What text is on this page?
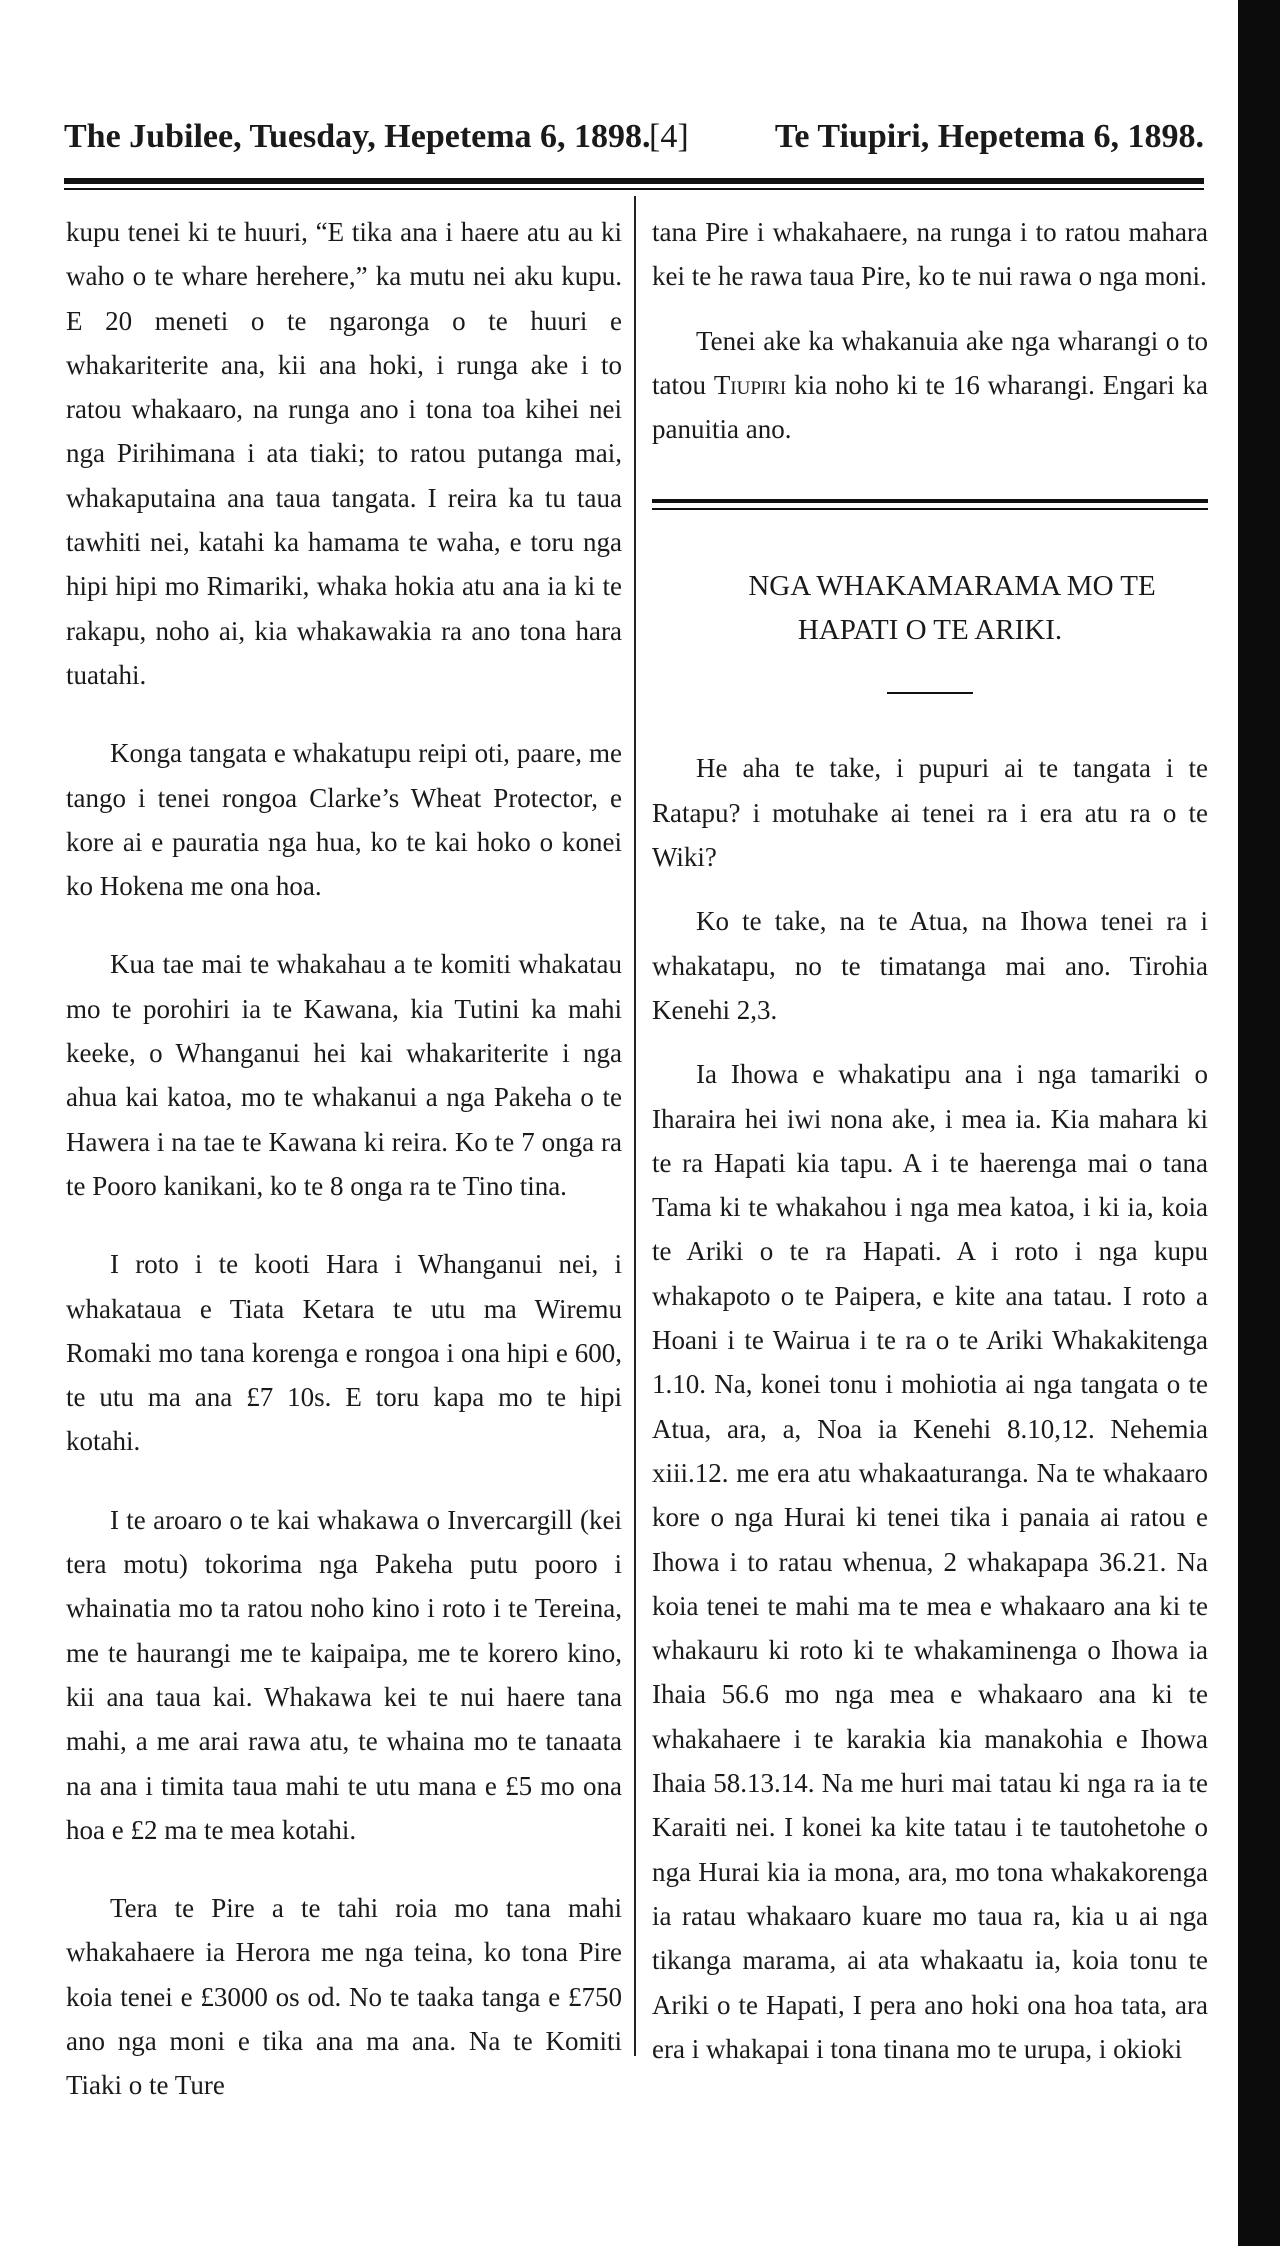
The Jubilee, Tuesday, Hepetema 6, 1898.
[4]	Te Tiupiri, Hepetema 6, 1898.

kupu tenei ki te huuri, “E tika ana i haere atu au ki waho o te whare herehere,” ka mutu nei aku kupu. E 20 meneti o te ngaronga o te huuri e whakariterite ana, kii ana hoki, i runga ake i to ratou whakaaro, na runga ano i tona toa kihei nei nga Pirihimana i ata tiaki; to ratou putanga mai, whakaputaina ana taua tangata. I reira ka tu taua tawhiti nei, katahi ka hamama te waha, e toru nga hipi hipi mo Rimariki, whaka hokia atu ana ia ki te rakapu, noho ai, kia whakawakia ra ano tona hara tuatahi.

Konga tangata e whakatupu reipi oti, paare, me tango i tenei rongoa Clarke’s Wheat Protector, e kore ai e pauratia nga hua, ko te kai hoko o konei ko Hokena me ona hoa.

Kua tae mai te whakahau a te komiti whakatau mo te porohiri ia te Kawana, kia Tutini ka mahi keeke, o Whanganui hei kai whakariterite i nga ahua kai katoa, mo te whakanui a nga Pakeha o te Hawera i na tae te Kawana ki reira. Ko te 7 onga ra te Pooro kanikani, ko te 8 onga ra te Tino tina.

I roto i te kooti Hara i Whanganui nei, i whakataua e Tiata Ketara te utu ma Wiremu Romaki mo tana korenga e rongoa i ona hipi e 600, te utu ma ana £7 10s. E toru kapa mo te hipi kotahi.

I te aroaro o te kai whakawa o Invercargill (kei tera motu) tokorima nga Pakeha putu pooro i whainatia mo ta ratou noho kino i roto i te Tereina, me te haurangi me te kaipaipa, me te korero kino, kii ana taua kai. Whakawa kei te nui haere tana mahi, a me arai rawa atu, te whaina mo te tanaata na ana i timita taua mahi te utu mana e £5 mo ona hoa e £2 ma te mea kotahi.

Tera te Pire a te tahi roia mo tana mahi whakahaere ia Herora me nga teina, ko tona Pire koia tenei e £3000 os od. No te taaka tanga e £750 ano nga moni e tika ana ma ana. Na te Komiti Tiaki o te Ture

tana Pire i whakahaere, na runga i to ratou mahara kei te he rawa taua Pire, ko te nui rawa o nga moni.

Tenei ake ka whakanuia ake nga wharangi o to tatou Tiupiri kia noho ki te 16 wharangi. Engari ka panuitia ano.

NGA WHAKAMARAMA MO TE
HAPATI O TE ARIKI.

He aha te take, i pupuri ai te tangata i te Ratapu? i motuhake ai tenei ra i era atu ra o te Wiki?

Ko te take, na te Atua, na Ihowa tenei ra i whakatapu, no te timatanga mai ano. Tirohia Kenehi 2,3.

Ia Ihowa e whakatipu ana i nga tamariki o Iharaira hei iwi nona ake, i mea ia. Kia mahara ki te ra Hapati kia tapu. A i te haerenga mai o tana Tama ki te whakahou i nga mea katoa, i ki ia, koia te Ariki o te ra Hapati. A i roto i nga kupu whakapoto o te Paipera, e kite ana tatau. I roto a Hoani i te Wairua i te ra o te Ariki Whakakitenga 1.10. Na, konei tonu i mohiotia ai nga tangata o te Atua, ara, a, Noa ia Kenehi 8.10,12. Nehemia xiii.12. me era atu whakaaturanga. Na te whakaaro kore o nga Hurai ki tenei tika i panaia ai ratou e Ihowa i to ratau whenua, 2 whakapapa 36.21. Na koia tenei te mahi ma te mea e whakaaro ana ki te whakauru ki roto ki te whakaminenga o Ihowa ia Ihaia 56.6 mo nga mea e whakaaro ana ki te whakahaere i te karakia kia manakohia e Ihowa Ihaia 58.13.14. Na me huri mai tatau ki nga ra ia te Karaiti nei. I konei ka kite tatau i te tautohetohe o nga Hurai kia ia mona, ara, mo tona whakakorenga ia ratau whakaaro kuare mo taua ra, kia u ai nga tikanga marama, ai ata whakaatu ia, koia tonu te Ariki o te Hapati, I pera ano hoki ona hoa tata, ara era i whakapai i tona tinana mo te urupa, i okioki
